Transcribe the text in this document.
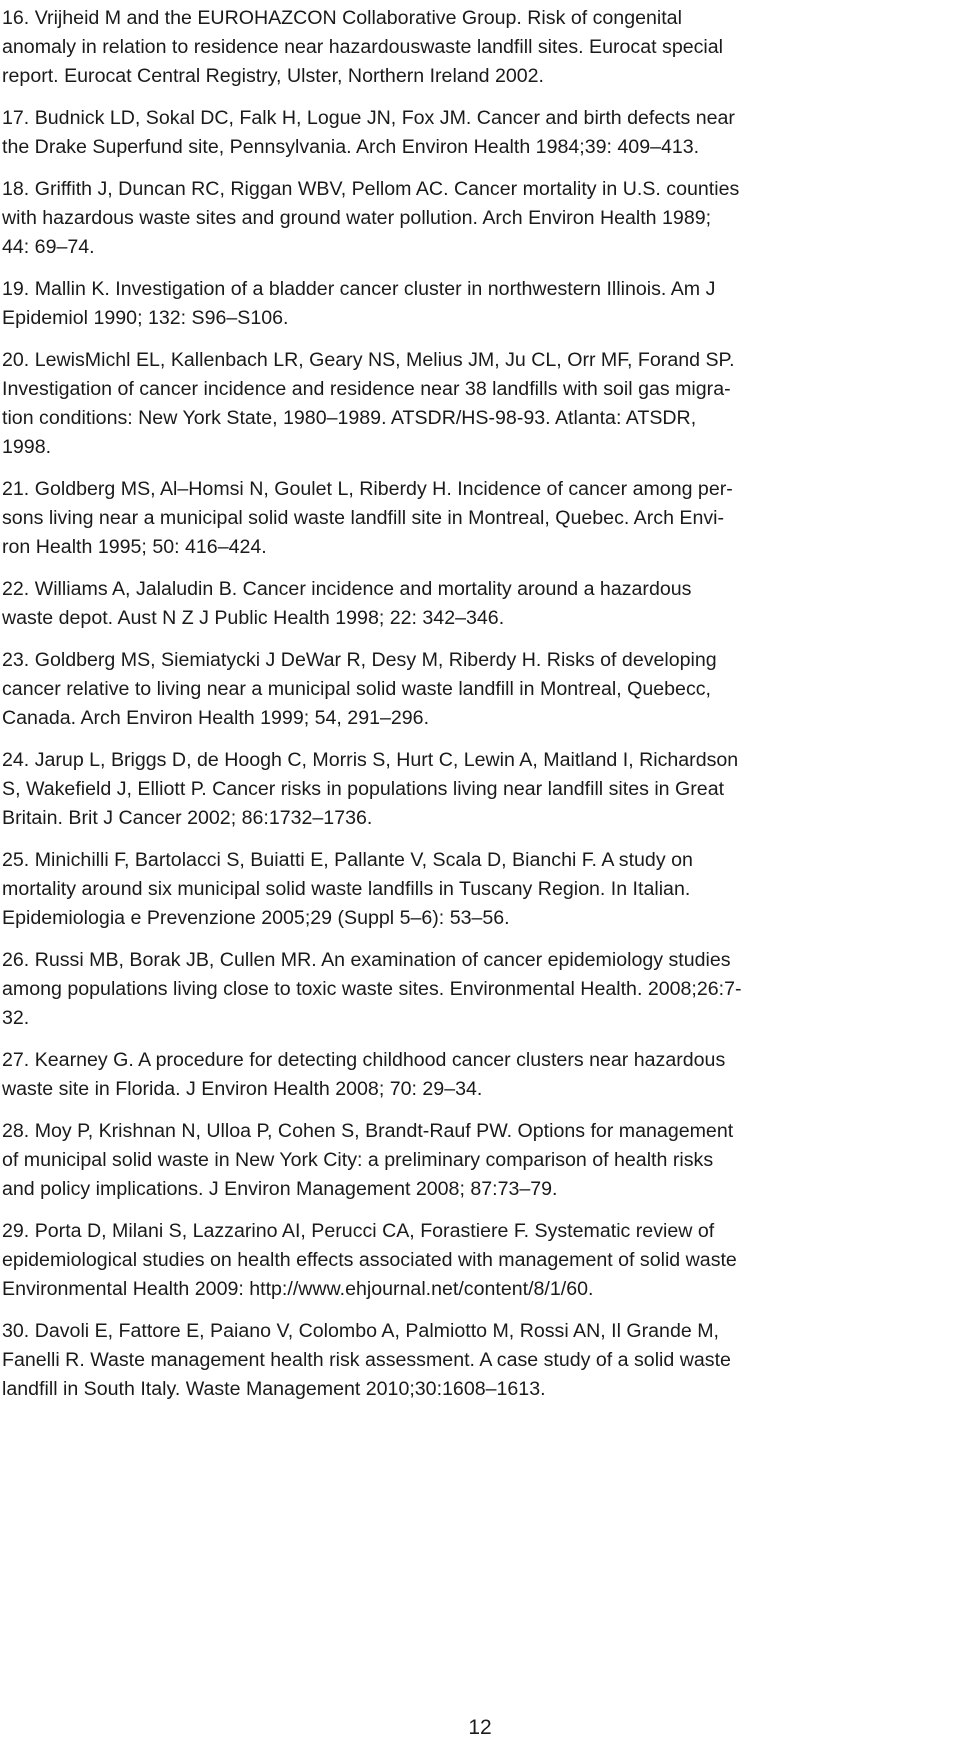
16. Vrijheid M and the EUROHAZCON Collaborative Group. Risk of congenital
anomaly in relation to residence near hazardouswaste landfill sites. Eurocat special
report. Eurocat Central Registry, Ulster, Northern Ireland 2002.

17. Budnick LD, Sokal DC, Falk H, Logue JN, Fox JM. Cancer and birth defects near
the Drake Superfund site, Pennsylvania. Arch Environ Health 1984;39: 409–413.

18. Griffith J, Duncan RC, Riggan WBV, Pellom AC. Cancer mortality in U.S. counties
with hazardous waste sites and ground water pollution. Arch Environ Health 1989;
44: 69–74.

19. Mallin K. Investigation of a bladder cancer cluster in northwestern Illinois. Am J
Epidemiol 1990; 132: S96–S106.

20. LewisMichl EL, Kallenbach LR, Geary NS, Melius JM, Ju CL, Orr MF, Forand SP.
Investigation of cancer incidence and residence near 38 landfills with soil gas migra-
tion conditions: New York State, 1980–1989. ATSDR/HS-98-93. Atlanta: ATSDR,
1998.

21. Goldberg MS, Al–Homsi N, Goulet L, Riberdy H. Incidence of cancer among per-
sons living near a municipal solid waste landfill site in Montreal, Quebec. Arch Envi-
ron Health 1995; 50: 416–424.

22. Williams A, Jalaludin B. Cancer incidence and mortality around a hazardous
waste depot. Aust N Z J Public Health 1998; 22: 342–346.

23. Goldberg MS, Siemiatycki J DeWar R, Desy M, Riberdy H. Risks of developing
cancer relative to living near a municipal solid waste landfill in Montreal, Quebecc,
Canada. Arch Environ Health 1999; 54, 291–296.

24. Jarup L, Briggs D, de Hoogh C, Morris S, Hurt C, Lewin A, Maitland I, Richardson
S, Wakefield J, Elliott P. Cancer risks in populations living near landfill sites in Great
Britain. Brit J Cancer 2002; 86:1732–1736.

25. Minichilli F, Bartolacci S, Buiatti E, Pallante V, Scala D, Bianchi F. A study on
mortality around six municipal solid waste landfills in Tuscany Region. In Italian.
Epidemiologia e Prevenzione 2005;29 (Suppl 5–6): 53–56.

26. Russi MB, Borak JB, Cullen MR. An examination of cancer epidemiology studies
among populations living close to toxic waste sites. Environmental Health. 2008;26:7-
32.

27. Kearney G. A procedure for detecting childhood cancer clusters near hazardous
waste site in Florida. J Environ Health 2008; 70: 29–34.

28. Moy P, Krishnan N, Ulloa P, Cohen S, Brandt-Rauf PW. Options for management
of municipal solid waste in New York City: a preliminary comparison of health risks
and policy implications. J Environ Management 2008; 87:73–79.

29. Porta D, Milani S, Lazzarino AI, Perucci CA, Forastiere F. Systematic review of
epidemiological studies on health effects associated with management of solid waste
Environmental Health 2009: http://www.ehjournal.net/content/8/1/60.

30. Davoli E, Fattore E, Paiano V, Colombo A, Palmiotto M, Rossi AN, Il Grande M,
Fanelli R. Waste management health risk assessment. A case study of a solid waste
landfill in South Italy. Waste Management 2010;30:1608–1613.

12
